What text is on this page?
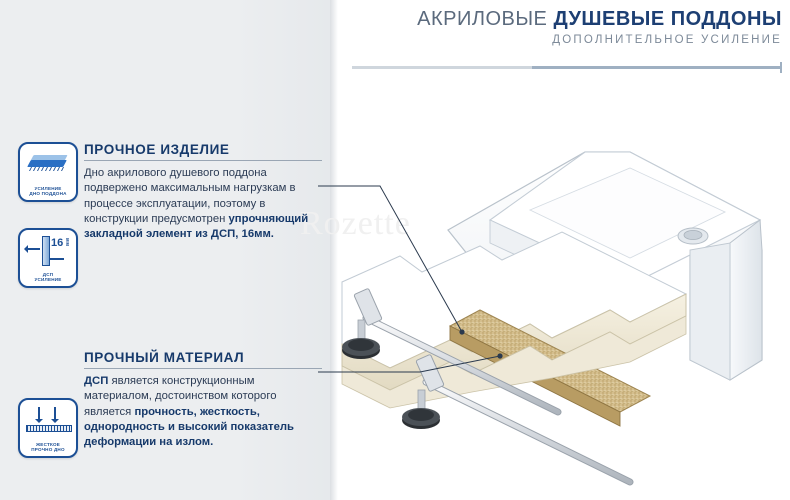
АКРИЛОВЫЕ ДУШЕВЫЕ ПОДДОНЫ
ДОПОЛНИТЕЛЬНОЕ УСИЛЕНИЕ
Rozette
ПРОЧНОЕ ИЗДЕЛИЕ
Дно акрилового душевого поддона подвержено максимальным нагрузкам в процессе эксплуатации, поэтому в конструкции предусмотрен упрочняющий закладной элемент из ДСП, 16мм.
ПРОЧНЫЙ МАТЕРИАЛ
ДСП является конструкционным материалом, достоинством которого является прочность, жесткость, однородность и высокий показатель деформации на излом.
УСИЛЕНИЕ
ДНО ПОДДОНА
16 мм
ДСП
УСИЛЕНИЕ
ЖЕСТКОЕ
ПРОЧНО ДНО
